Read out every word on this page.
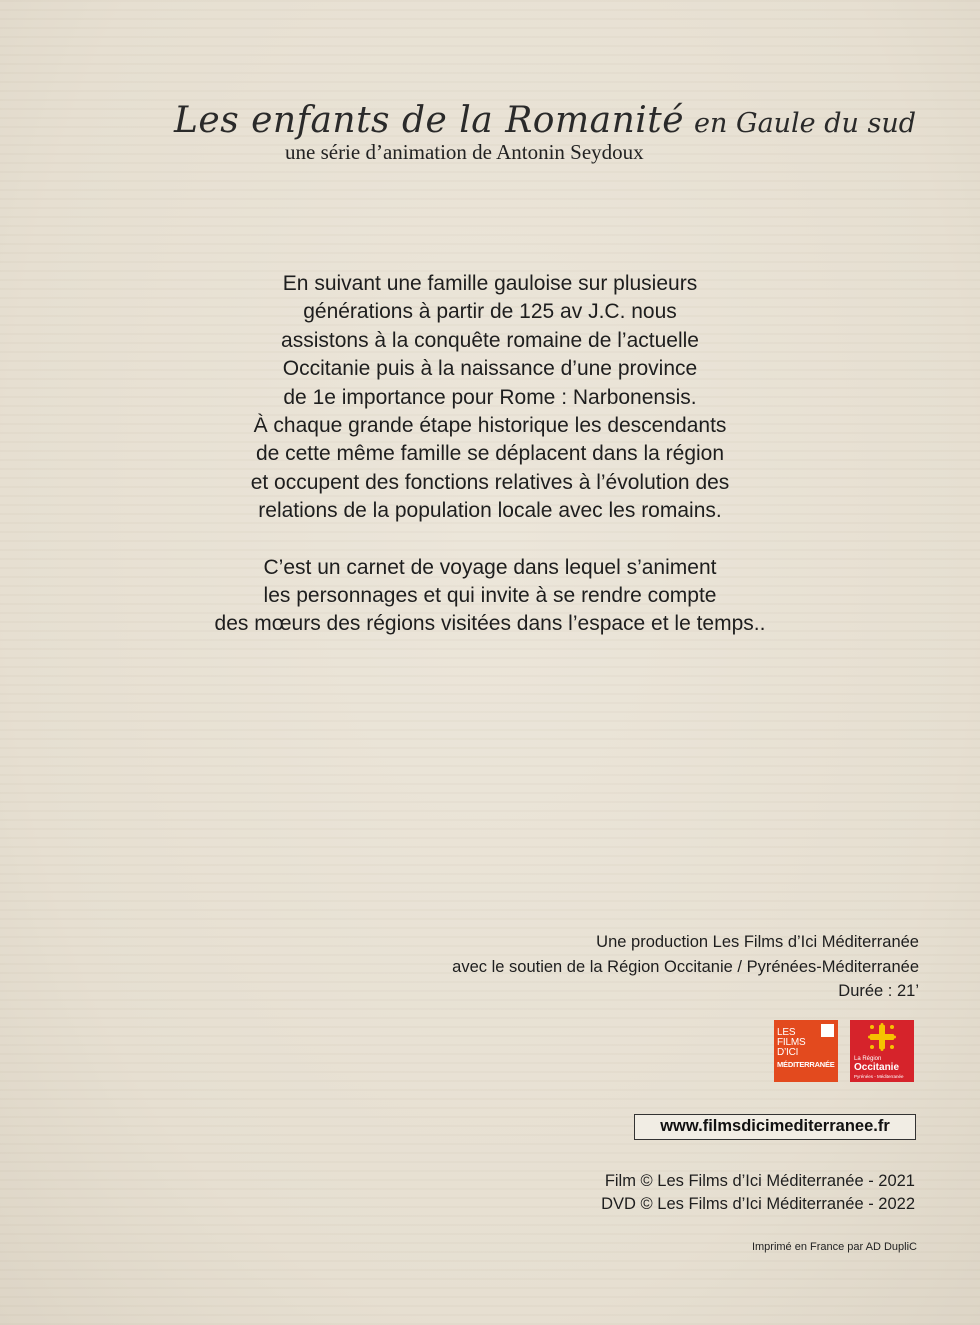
Les enfants de la Romanité en Gaule du sud
une série d’animation de Antonin Seydoux

En suivant une famille gauloise sur plusieurs

générations à partir de 125 av J.C. nous

assistons à la conquête romaine de l’actuelle

Occitanie puis à la naissance d’une province

de 1e importance pour Rome : Narbonensis.

À chaque grande étape historique les descendants

de cette même famille se déplacent dans la région

et occupent des fonctions relatives à l’évolution des

relations de la population locale avec les romains.

C’est un carnet de voyage dans lequel s’animent

les personnages et qui invite à se rendre compte

des mœurs des régions visitées dans l’espace et le temps..

Une production Les Films d’Ici Méditerranée
avec le soutien de la Région Occitanie / Pyrénées-Méditerranée
Durée : 21’
LES
FILMS
D’ICI
MÉDITERRANÉE
La Région
Occitanie
Pyrénées - Méditerranée
www.filmsdicimediterranee.fr
Film © Les Films d’Ici Méditerranée - 2021
DVD © Les Films d’Ici Méditerranée - 2022
Imprimé en France par AD DupliC
